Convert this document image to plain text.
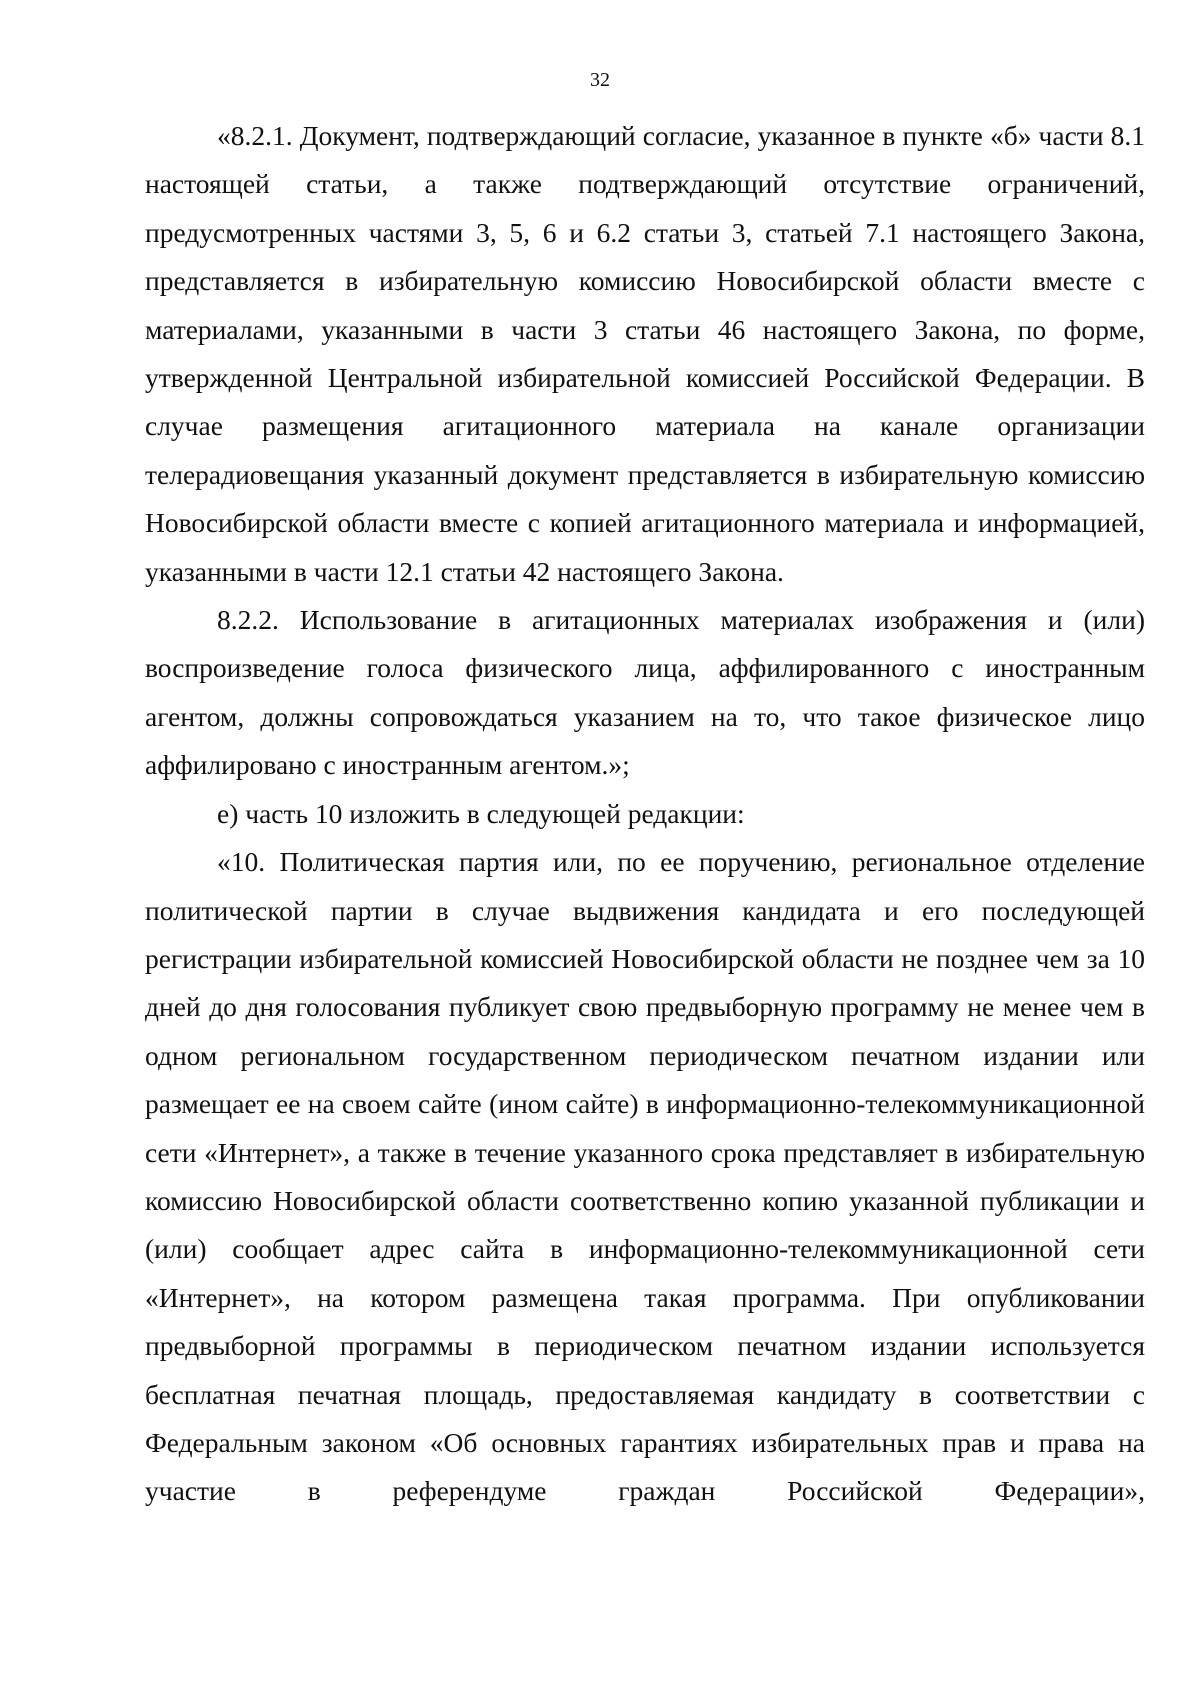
32

«8.2.1. Документ, подтверждающий согласие, указанное в пункте «б» части 8.1 настоящей статьи, а также подтверждающий отсутствие ограничений, предусмотренных частями 3, 5, 6 и 6.2 статьи 3, статьей 7.1 настоящего Закона, представляется в избирательную комиссию Новосибирской области вместе с материалами, указанными в части 3 статьи 46 настоящего Закона, по форме, утвержденной Центральной избирательной комиссией Российской Федерации. В случае размещения агитационного материала на канале организации телерадиовещания указанный документ представляется в избирательную комиссию Новосибирской области вместе с копией агитационного материала и информацией, указанными в части 12.1 статьи 42 настоящего Закона.

8.2.2. Использование в агитационных материалах изображения и (или) воспроизведение голоса физического лица, аффилированного с иностранным агентом, должны сопровождаться указанием на то, что такое физическое лицо аффилировано с иностранным агентом.»;

е) часть 10 изложить в следующей редакции:

«10. Политическая партия или, по ее поручению, региональное отделение политической партии в случае выдвижения кандидата и его последующей регистрации избирательной комиссией Новосибирской области не позднее чем за 10 дней до дня голосования публикует свою предвыборную программу не менее чем в одном региональном государственном периодическом печатном издании или размещает ее на своем сайте (ином сайте) в информационно-телекоммуникационной сети «Интернет», а также в течение указанного срока представляет в избирательную комиссию Новосибирской области соответственно копию указанной публикации и (или) сообщает адрес сайта в информационно-телекоммуникационной сети «Интернет», на котором размещена такая программа. При опубликовании предвыборной программы в периодическом печатном издании используется бесплатная печатная площадь, предоставляемая кандидату в соответствии с Федеральным законом «Об основных гарантиях избирательных прав и права на участие в референдуме граждан Российской Федерации»,
